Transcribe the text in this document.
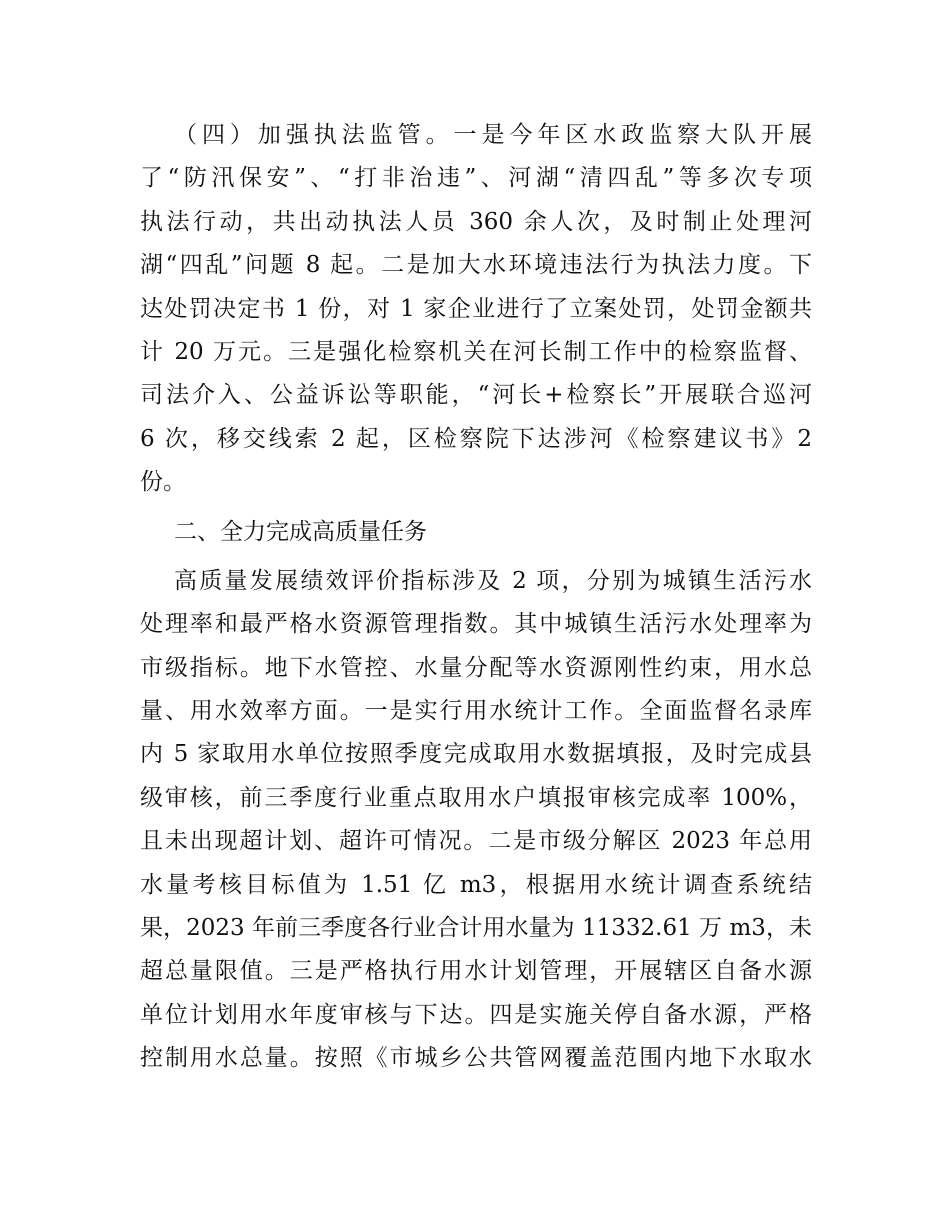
（四）加强执法监管。一是今年区水政监察大队开展
了“防汛保安”、“打非治违”、河湖“清四乱”等多次专项
执法行动，共出动执法人员 360 余人次，及时制止处理河
湖“四乱”问题 8 起。二是加大水环境违法行为执法力度。下
达处罚决定书 1 份，对 1 家企业进行了立案处罚，处罚金额共
计 20 万元。三是强化检察机关在河长制工作中的检察监督、
司法介入、公益诉讼等职能，“河长+检察长”开展联合巡河
6 次，移交线索 2 起，区检察院下达涉河《检察建议书》2
份。
二、全力完成高质量任务
高质量发展绩效评价指标涉及 2 项，分别为城镇生活污水
处理率和最严格水资源管理指数。其中城镇生活污水处理率为
市级指标。地下水管控、水量分配等水资源刚性约束，用水总
量、用水效率方面。一是实行用水统计工作。全面监督名录库
内 5 家取用水单位按照季度完成取用水数据填报，及时完成县
级审核，前三季度行业重点取用水户填报审核完成率 100%，
且未出现超计划、超许可情况。二是市级分解区 2023 年总用
水量考核目标值为 1.51 亿 m3，根据用水统计调查系统结
果，2023 年前三季度各行业合计用水量为 11332.61 万 m3，未
超总量限值。三是严格执行用水计划管理，开展辖区自备水源
单位计划用水年度审核与下达。四是实施关停自备水源，严格
控制用水总量。按照《市城乡公共管网覆盖范围内地下水取水
